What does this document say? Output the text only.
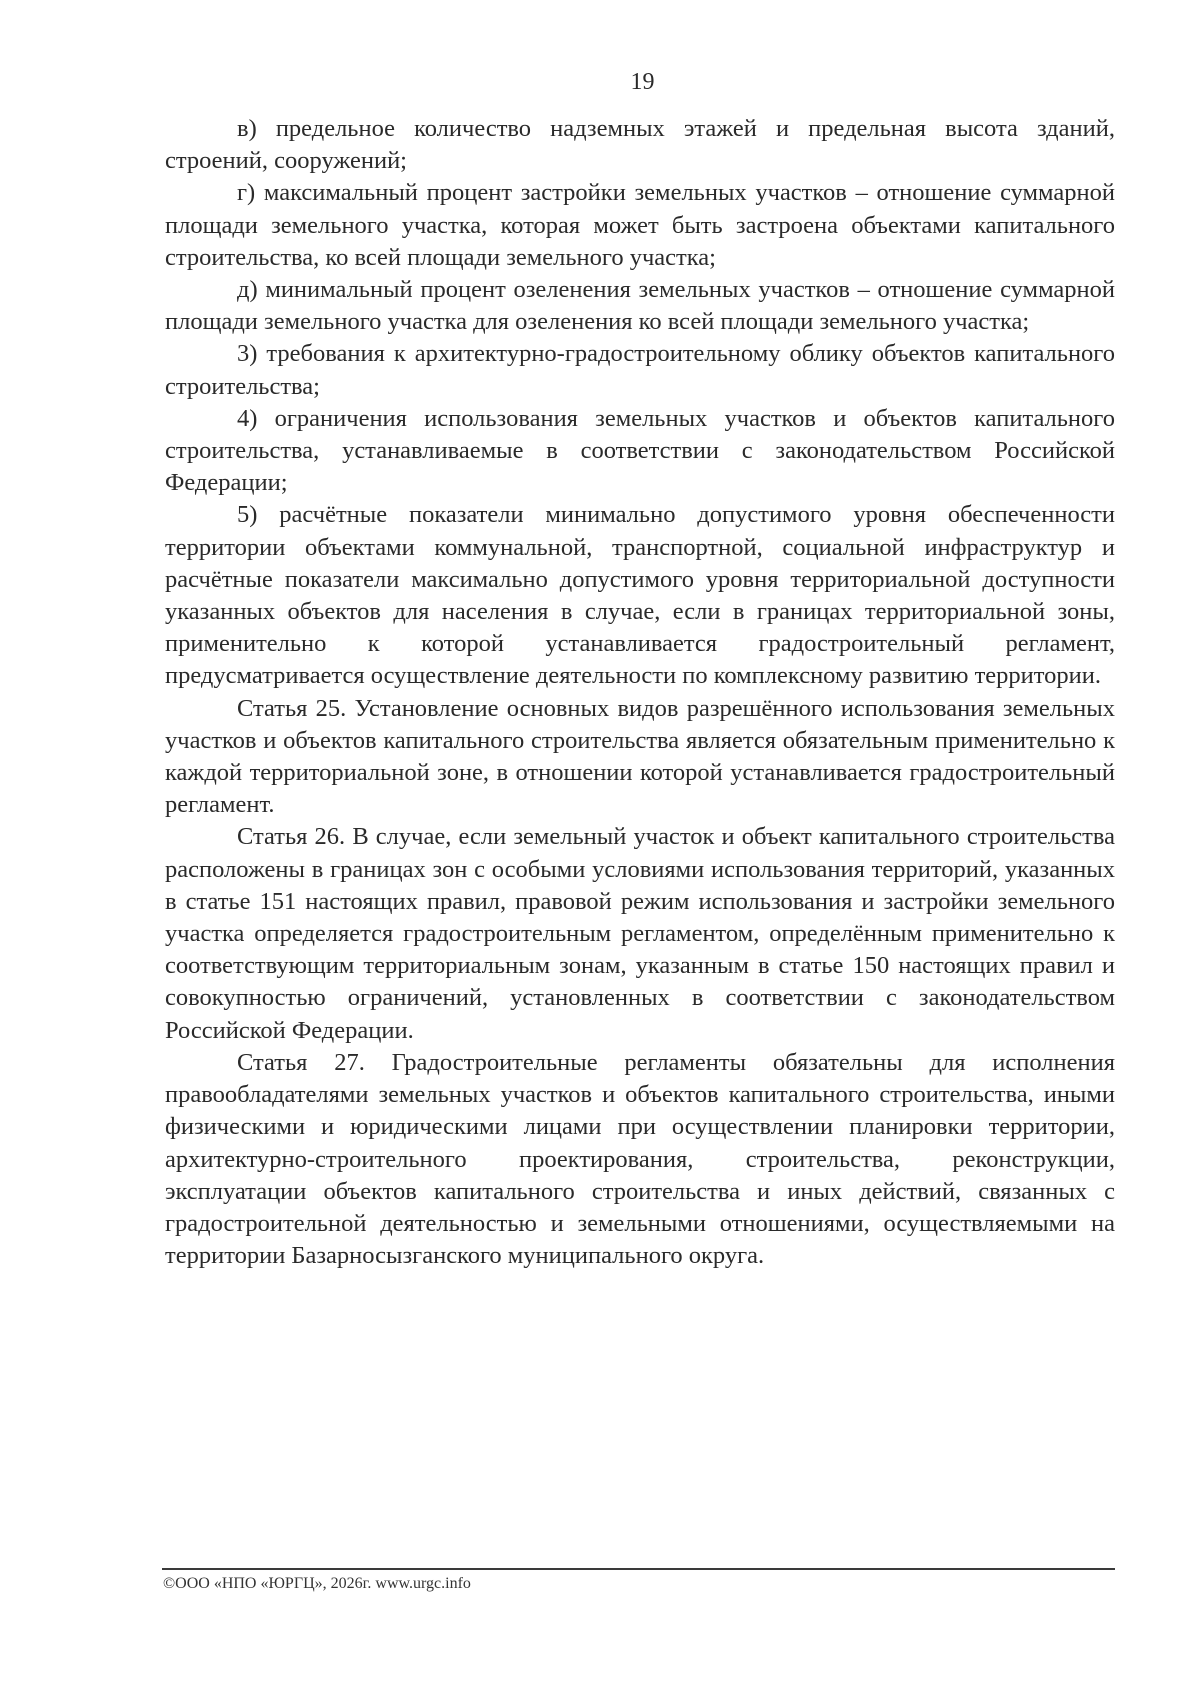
19

в) предельное количество надземных этажей и предельная высота зданий, строений, сооружений;

г) максимальный процент застройки земельных участков – отношение суммарной площади земельного участка, которая может быть застроена объектами капитального строительства, ко всей площади земельного участка;

д) минимальный процент озеленения земельных участков – отношение суммарной площади земельного участка для озеленения ко всей площади земельного участка;

3) требования к архитектурно-градостроительному облику объектов капитального строительства;

4) ограничения использования земельных участков и объектов капитального строительства, устанавливаемые в соответствии с законодательством Российской Федерации;

5) расчётные показатели минимально допустимого уровня обеспеченности территории объектами коммунальной, транспортной, социальной инфраструктур и расчётные показатели максимально допустимого уровня территориальной доступности указанных объектов для населения в случае, если в границах территориальной зоны, применительно к которой устанавливается градостроительный регламент, предусматривается осуществление деятельности по комплексному развитию территории.

Статья 25. Установление основных видов разрешённого использования земельных участков и объектов капитального строительства является обязательным применительно к каждой территориальной зоне, в отношении которой устанавливается градостроительный регламент.

Статья 26. В случае, если земельный участок и объект капитального строительства расположены в границах зон с особыми условиями использования территорий, указанных в статье 151 настоящих правил, правовой режим использования и застройки земельного участка определяется градостроительным регламентом, определённым применительно к соответствующим территориальным зонам, указанным в статье 150 настоящих правил и совокупностью ограничений, установленных в соответствии с законодательством Российской Федерации.

Статья 27. Градостроительные регламенты обязательны для исполнения правообладателями земельных участков и объектов капитального строительства, иными физическими и юридическими лицами при осуществлении планировки территории, архитектурно-строительного проектирования, строительства, реконструкции, эксплуатации объектов капитального строительства и иных действий, связанных с градостроительной деятельностью и земельными отношениями, осуществляемыми на территории Базарносызганского муниципального округа.

©ООО «НПО «ЮРГЦ», 2026г. www.urgc.info
